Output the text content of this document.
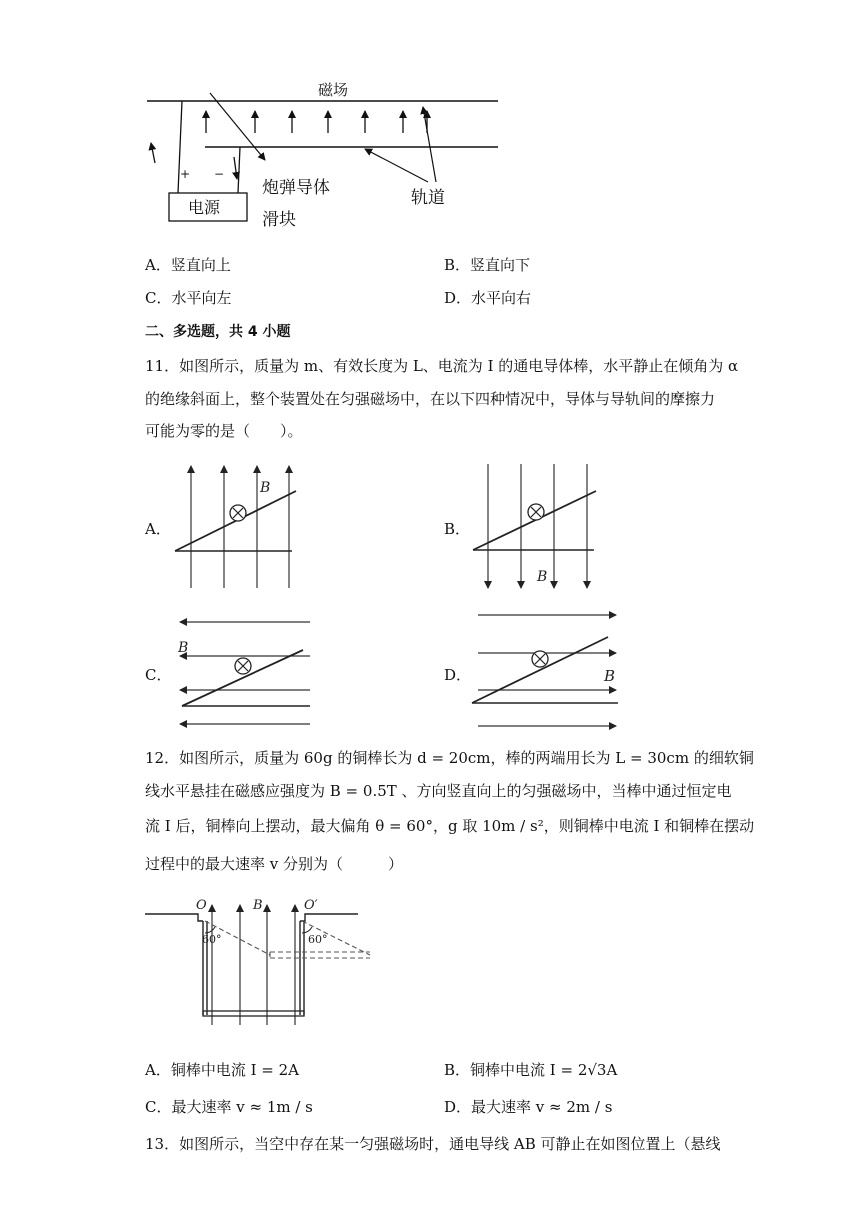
磁场
+ −
炮弹导体
滑块
轨道
电源
A．竖直向上	B．竖直向下
C．水平向左	D．水平向右
二、多选题，共 4 小题
11．如图所示，质量为 m、有效长度为 L、电流为 I 的通电导体棒，水平静止在倾角为 α
的绝缘斜面上，整个装置处在匀强磁场中，在以下四种情况中，导体与导轨间的摩擦力
可能为零的是（　　）。
A．	B．
C．	D．
B
B
B
B
12．如图所示，质量为 60g 的铜棒长为 d = 20cm，棒的两端用长为 L = 30cm 的细软铜
线水平悬挂在磁感应强度为 B = 0.5T 、方向竖直向上的匀强磁场中，当棒中通过恒定电
流 I 后，铜棒向上摆动，最大偏角 θ = 60°，g 取 10m / s²，则铜棒中电流 I 和铜棒在摆动
过程中的最大速率 v 分别为（　　　）
O	O′
B
60°	60°
A．铜棒中电流 I = 2A	B．铜棒中电流 I = 2√3A
C．最大速率 v ≈ 1m / s	D．最大速率 v ≈ 2m / s
13．如图所示，当空中存在某一匀强磁场时，通电导线 AB 可静止在如图位置上（悬线
